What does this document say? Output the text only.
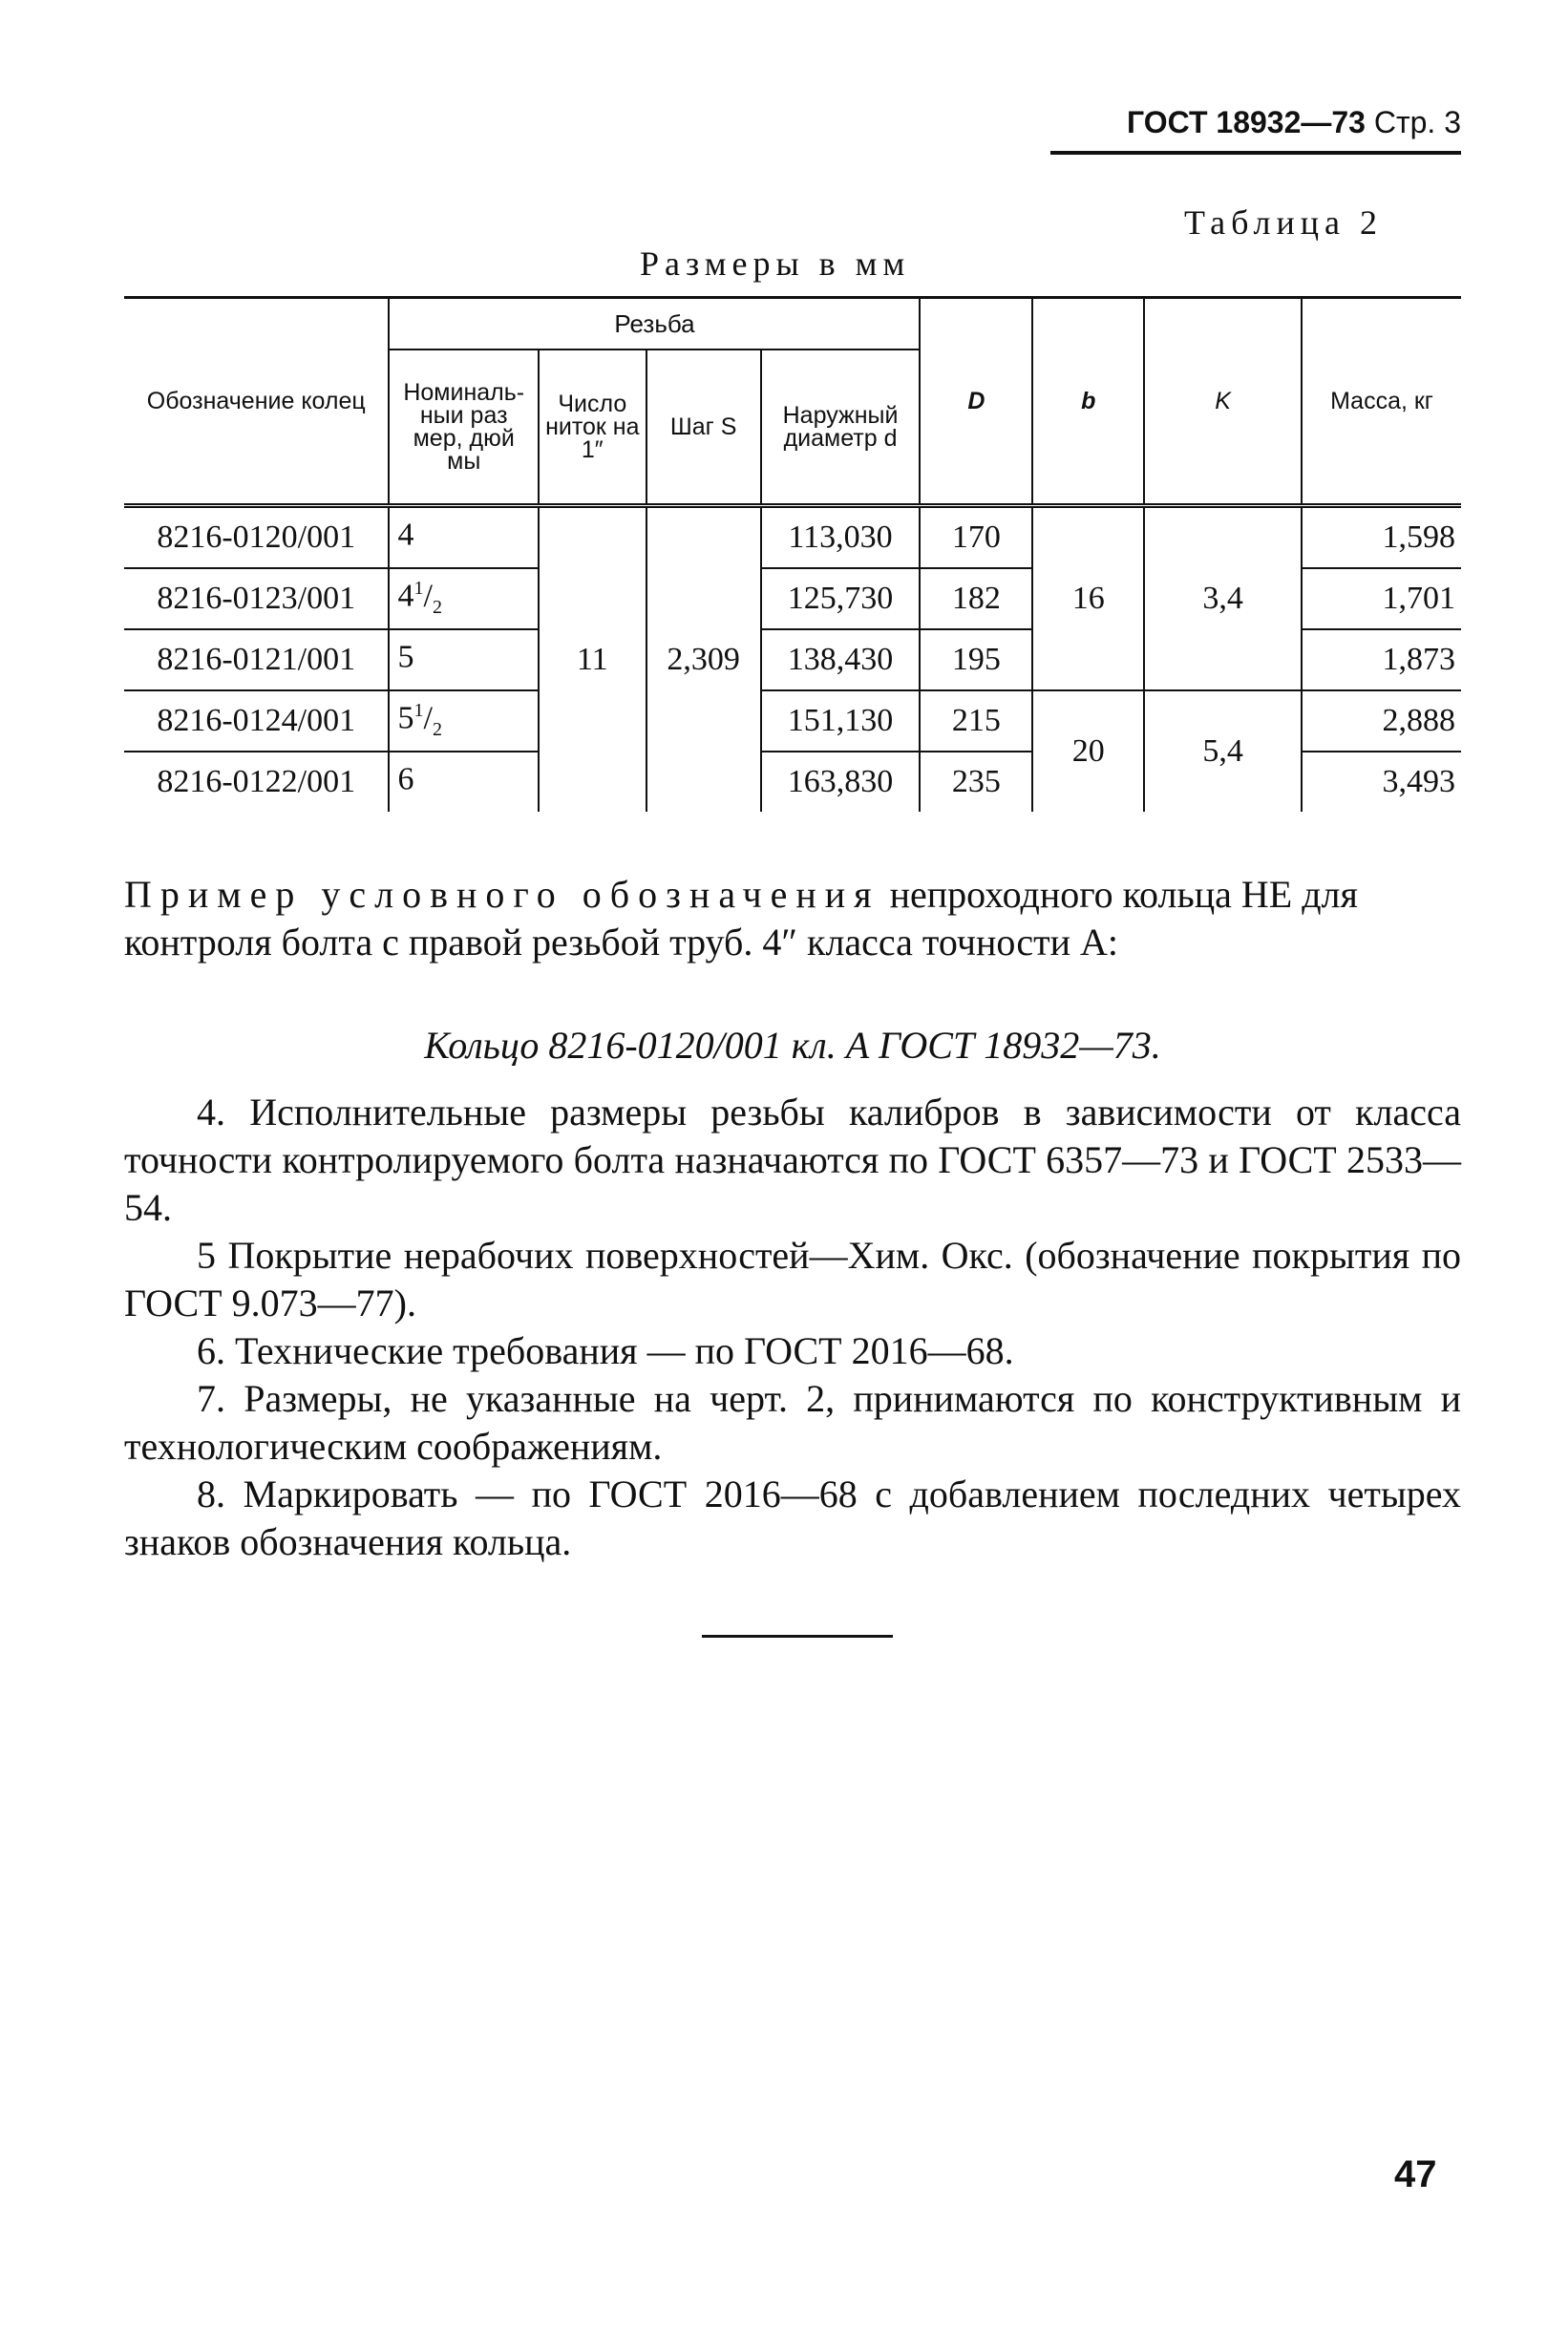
ГОСТ 18932—73 Стр. 3
Таблица 2
Размеры в мм
Обозначение колец	Резьба				D	b	K	Масса, кг
	Номиналь- ныи раз мер, дюй мы	Число ниток на 1″	Шаг S	Наружный диаметр d				
8216-0120/001	4	11	2,309	113,030	170	16	3,4	1,598
8216-0123/001	$4^1/_2$			125,730	182			1,701
8216-0121/001	5			138,430	195			1,873
8216-0124/001	$5^1/_2$			151,130	215	20	5,4	2,888
8216-0122/001	6			163,830	235			3,493
Пример условного обозначения непроходного кольца НЕ для контроля болта с правой резьбой труб. 4″ класса точности А:
Кольцо 8216-0120/001 кл. А ГОСТ 18932—73.

4. Исполнительные размеры резьбы калибров в зависимости от класса точности контролируемого болта назначаются по ГОСТ 6357—73 и ГОСТ 2533—54.

5 Покрытие нерабочих поверхностей—Хим. Окс. (обозначение покрытия по ГОСТ 9.073—77).

6. Технические требования — по ГОСТ 2016—68.

7. Размеры, не указанные на черт. 2, принимаются по конструктивным и технологическим соображениям.

8. Маркировать — по ГОСТ 2016—68 с добавлением последних четырех знаков обозначения кольца.

47
